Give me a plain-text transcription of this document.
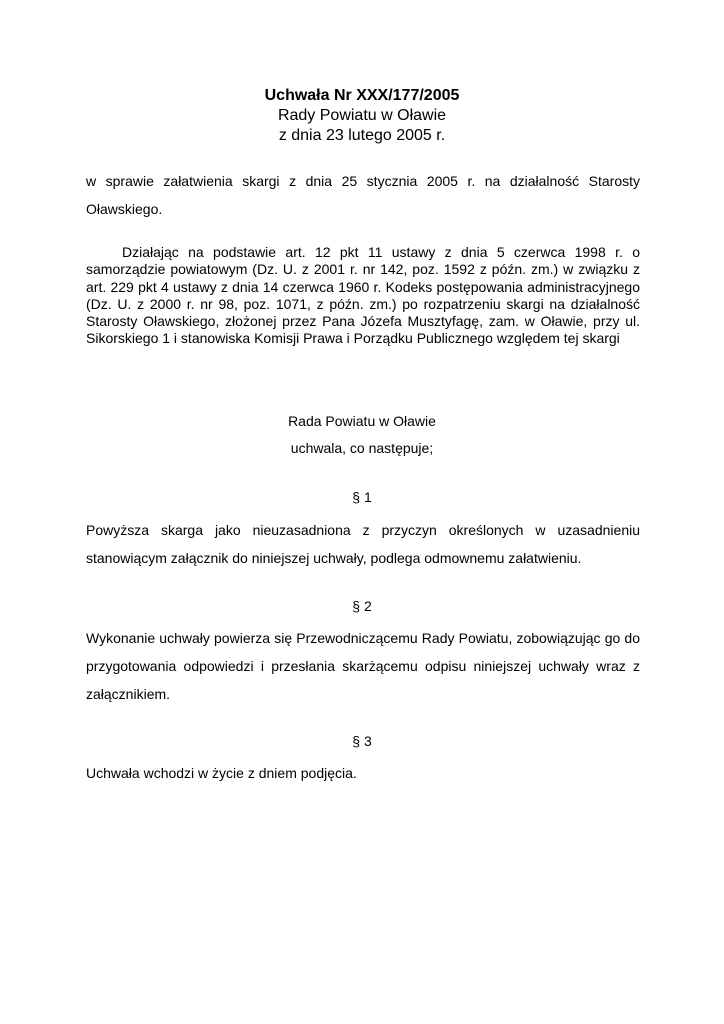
Uchwała Nr XXX/177/2005
Rady Powiatu w Oławie
z dnia 23 lutego 2005 r.
w sprawie załatwienia skargi z dnia 25 stycznia 2005 r. na działalność Starosty Oławskiego.
Działając na podstawie art. 12 pkt 11 ustawy z dnia 5 czerwca 1998 r. o samorządzie powiatowym (Dz. U. z 2001 r. nr 142, poz. 1592 z późn. zm.) w związku z art. 229 pkt 4 ustawy z dnia 14 czerwca 1960 r. Kodeks postępowania administracyjnego (Dz. U. z 2000 r. nr 98, poz. 1071, z późn. zm.) po rozpatrzeniu skargi na działalność Starosty Oławskiego, złożonej przez Pana Józefa Musztyfagę, zam. w Oławie, przy ul. Sikorskiego 1 i stanowiska Komisji Prawa i Porządku Publicznego względem tej skargi
Rada Powiatu w Oławie
uchwala, co następuje;
§ 1
Powyższa skarga jako nieuzasadniona z przyczyn określonych w uzasadnieniu stanowiącym załącznik do niniejszej uchwały, podlega odmownemu załatwieniu.
§ 2
Wykonanie uchwały powierza się Przewodniczącemu Rady Powiatu, zobowiązując go do przygotowania odpowiedzi i przesłania skarżącemu odpisu niniejszej uchwały wraz z załącznikiem.
§ 3
Uchwała wchodzi w życie z dniem podjęcia.
